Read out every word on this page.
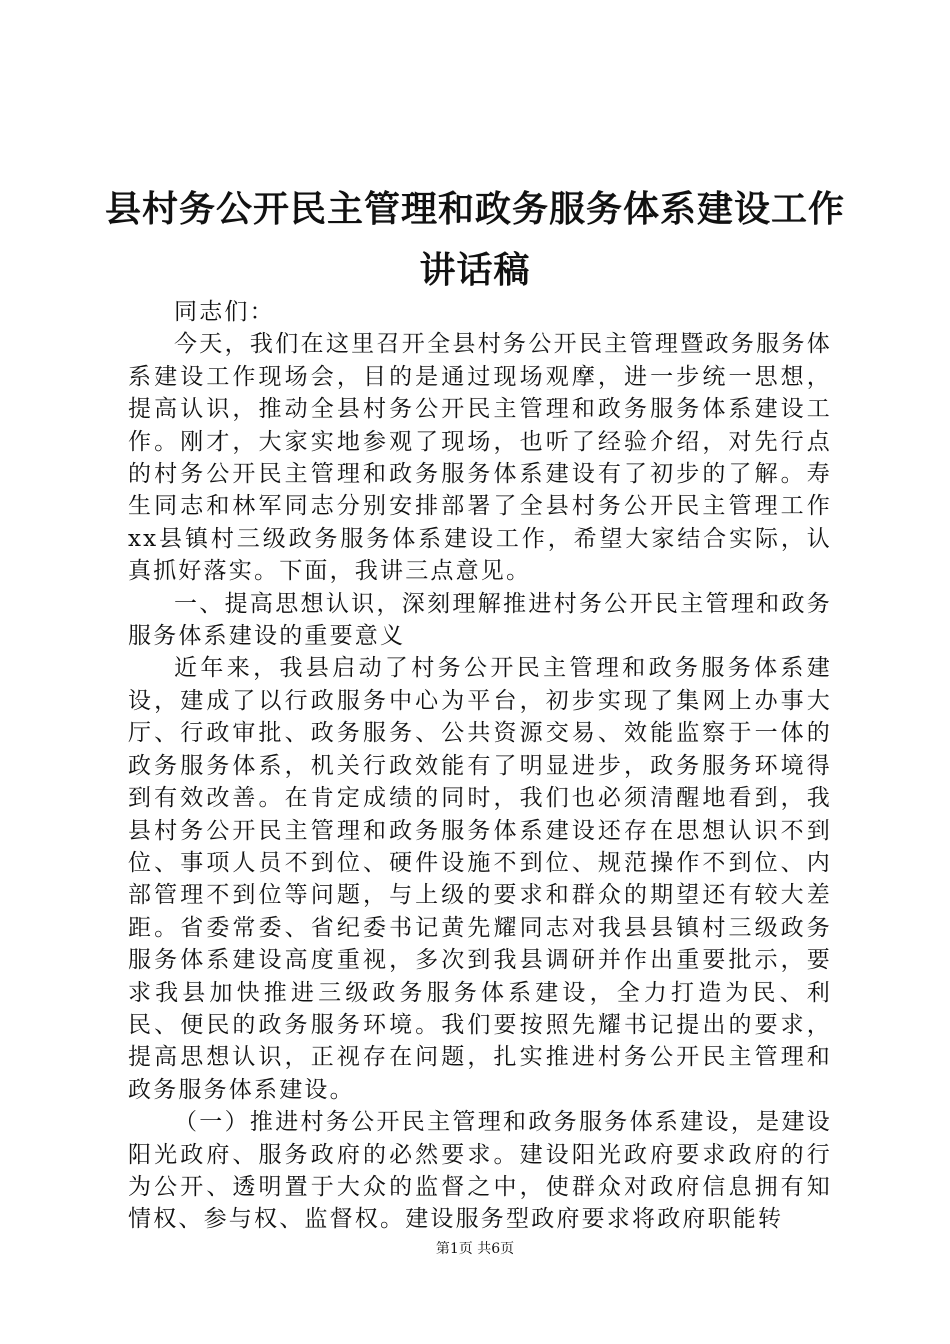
县村务公开民主管理和政务服务体系建设工作
讲话稿

同志们：

今天，我们在这里召开全县村务公开民主管理暨政务服务体系建设工作现场会，目的是通过现场观摩，进一步统一思想，提高认识，推动全县村务公开民主管理和政务服务体系建设工作。刚才，大家实地参观了现场，也听了经验介绍，对先行点的村务公开民主管理和政务服务体系建设有了初步的了解。寿生同志和林军同志分别安排部署了全县村务公开民主管理工作xx县镇村三级政务服务体系建设工作，希望大家结合实际，认真抓好落实。下面，我讲三点意见。

一、提高思想认识，深刻理解推进村务公开民主管理和政务服务体系建设的重要意义

近年来，我县启动了村务公开民主管理和政务服务体系建设，建成了以行政服务中心为平台，初步实现了集网上办事大厅、行政审批、政务服务、公共资源交易、效能监察于一体的政务服务体系，机关行政效能有了明显进步，政务服务环境得到有效改善。在肯定成绩的同时，我们也必须清醒地看到，我县村务公开民主管理和政务服务体系建设还存在思想认识不到位、事项人员不到位、硬件设施不到位、规范操作不到位、内部管理不到位等问题，与上级的要求和群众的期望还有较大差距。省委常委、省纪委书记黄先耀同志对我县县镇村三级政务服务体系建设高度重视，多次到我县调研并作出重要批示，要求我县加快推进三级政务服务体系建设，全力打造为民、利民、便民的政务服务环境。我们要按照先耀书记提出的要求，提高思想认识，正视存在问题，扎实推进村务公开民主管理和政务服务体系建设。

（一）推进村务公开民主管理和政务服务体系建设，是建设阳光政府、服务政府的必然要求。建设阳光政府要求政府的行为公开、透明置于大众的监督之中，使群众对政府信息拥有知情权、参与权、监督权。建设服务型政府要求将政府职能转

第1页 共6页
